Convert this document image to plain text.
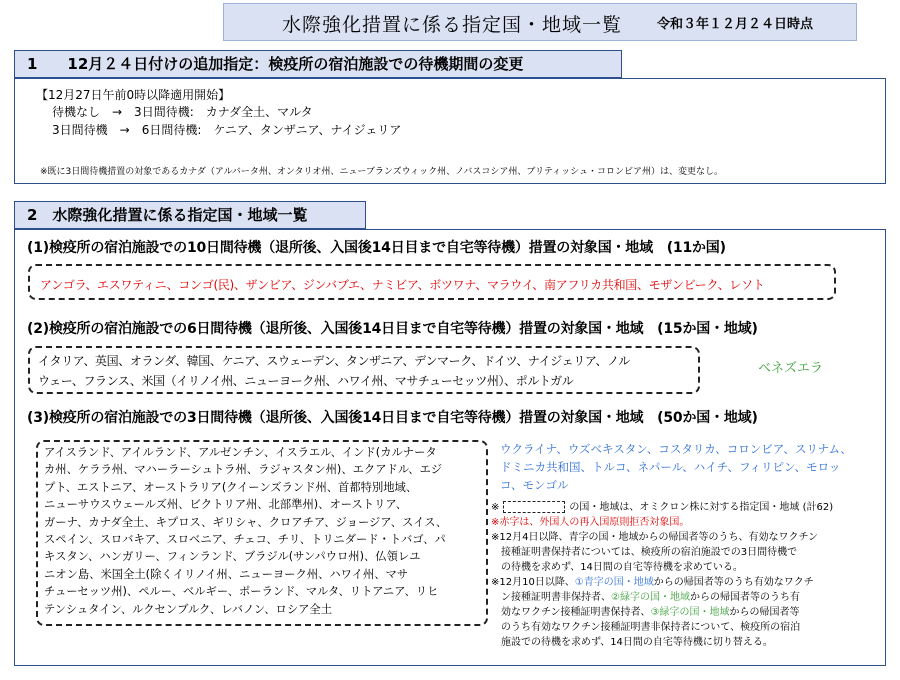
水際強化措置に係る指定国・地域一覧	令和３年１２月２４日時点
1　　12月２４日付けの追加指定：検疫所の宿泊施設での待機期間の変更
【12月27日午前0時以降適用開始】
待機なし　→　3日間待機:　カナダ全土、マルタ
3日間待機　→　6日間待機:　ケニア、タンザニア、ナイジェリア
※既に3日間待機措置の対象であるカナダ（アルバータ州、オンタリオ州、ニューブランズウィック州、ノバスコシア州、ブリティッシュ・コロンビア州）は、変更なし。
2　水際強化措置に係る指定国・地域一覧
(1)検疫所の宿泊施設での10日間待機（退所後、入国後14日目まで自宅等待機）措置の対象国・地域　(11か国)
アンゴラ、エスワティニ、コンゴ(民)、ザンビア、ジンバブエ、ナミビア、ボツワナ、マラウイ、南アフリカ共和国、モザンビーク、レソト
(2)検疫所の宿泊施設での6日間待機（退所後、入国後14日目まで自宅等待機）措置の対象国・地域　(15か国・地域)
イタリア、英国、オランダ、韓国、ケニア、スウェーデン、タンザニア、デンマーク、ドイツ、ナイジェリア、ノル
ウェー、フランス、米国（イリノイ州、ニューヨーク州、ハワイ州、マサチューセッツ州）、ポルトガル
ベネズエラ
(3)検疫所の宿泊施設での3日間待機（退所後、入国後14日目まで自宅等待機）措置の対象国・地域　(50か国・地域)
アイスランド、アイルランド、アルゼンチン、イスラエル、インド(カルナータ
カ州、ケララ州、マハーラーシュトラ州、ラジャスタン州)、エクアドル、エジ
プト、エストニア、オーストラリア(クイーンズランド州、首都特別地域、
ニューサウスウェールズ州、ビクトリア州、北部準州)、オーストリア、
ガーナ、カナダ全土、キプロス、ギリシャ、クロアチア、ジョージア、スイス、
スペイン、スロバキア、スロベニア、チェコ、チリ、トリニダード・トバゴ、パ
キスタン、ハンガリー、フィンランド、ブラジル(サンパウロ州)、仏領レユ
ニオン島、米国全土(除くイリノイ州、ニューヨーク州、ハワイ州、マサ
チューセッツ州)、ペルー、ベルギー、ポーランド、マルタ、リトアニア、リヒ
テンシュタイン、ルクセンブルク、レバノン、ロシア全土
ウクライナ、ウズベキスタン、コスタリカ、コロンビア、スリナム、
ドミニカ共和国、トルコ、ネパール、ハイチ、フィリピン、モロッ
コ、モンゴル
※	の国・地域は、オミクロン株に対する指定国・地域 (計62)
※赤字は、外国人の再入国原則拒否対象国。
※12月4日以降、青字の国・地域からの帰国者等のうち、有効なワクチン
　接種証明書保持者については、検疫所の宿泊施設での3日間待機で
　の待機を求めず、14日間の自宅等待機を求めている。
※12月10日以降、①青字の国・地域からの帰国者等のうち有効なワクチ
　ン接種証明書非保持者、②緑字の国・地域からの帰国者等のうち有
　効なワクチン接種証明書保持者、③緑字の国・地域からの帰国者等
　のうち有効なワクチン接種証明書非保持者について、検疫所の宿泊
　施設での待機を求めず、14日間の自宅等待機に切り替える。
